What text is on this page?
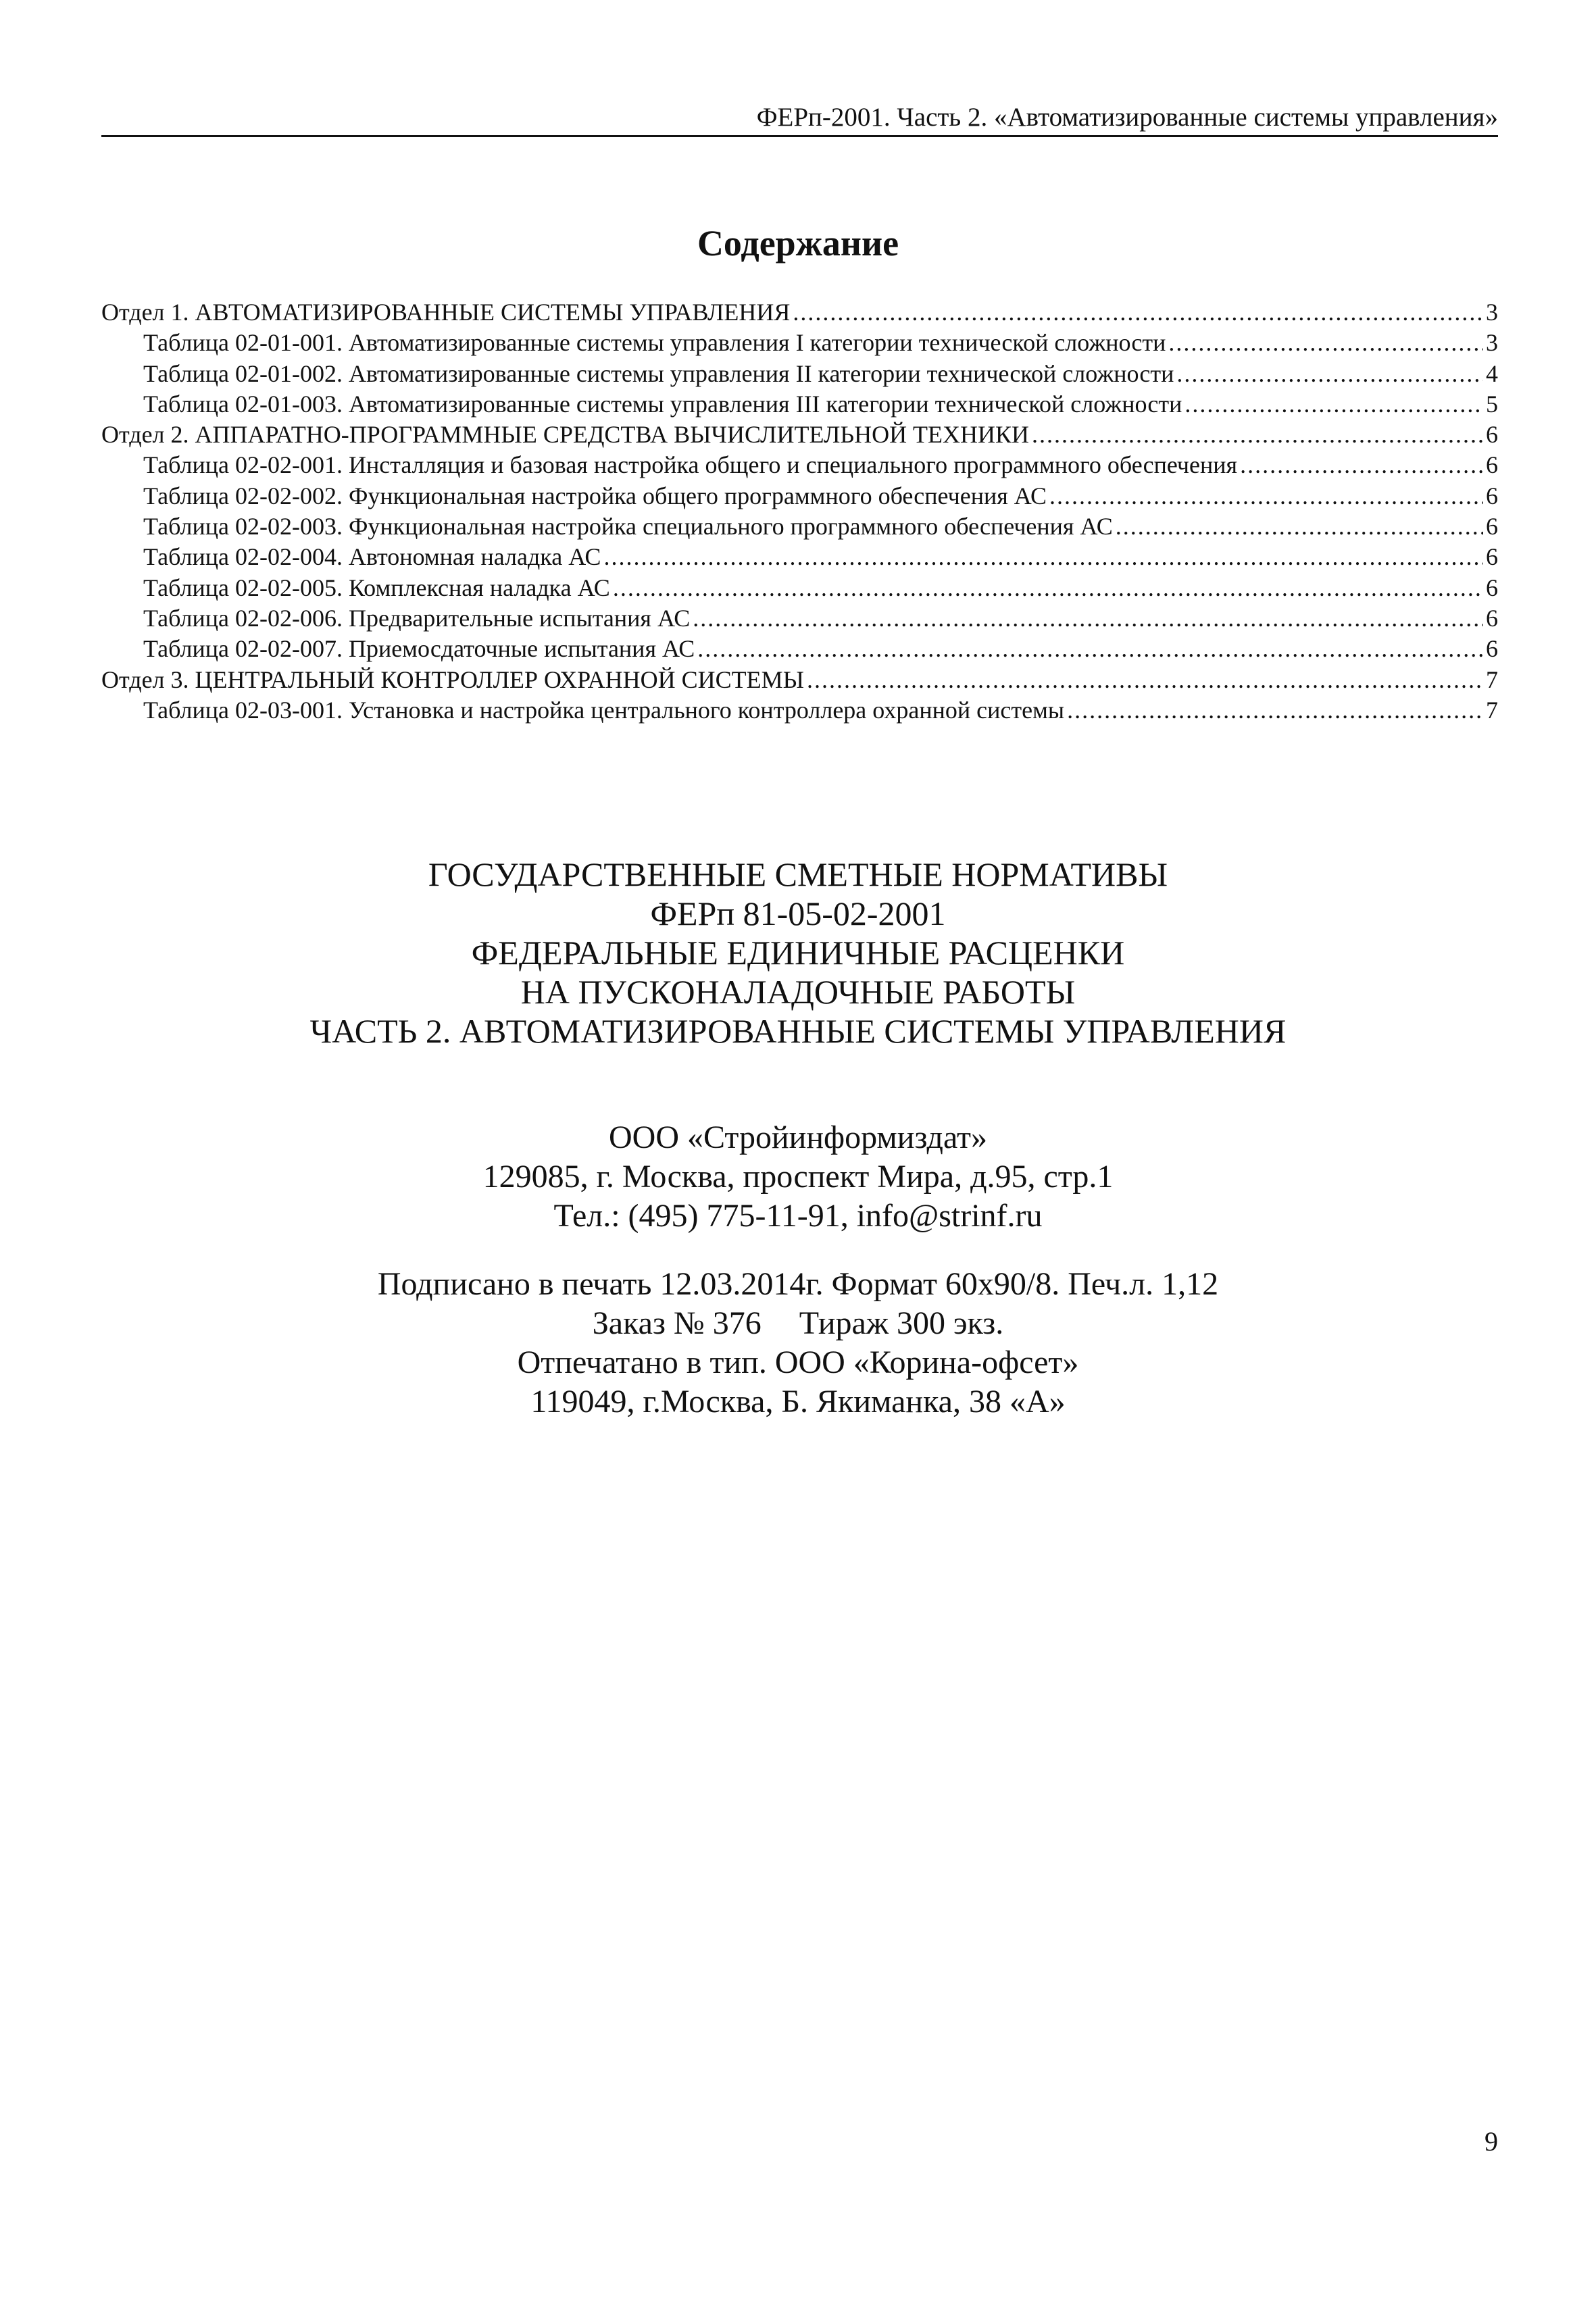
ФЕРп-2001. Часть 2. «Автоматизированные системы управления»
Содержание
Отдел 1. АВТОМАТИЗИРОВАННЫЕ СИСТЕМЫ УПРАВЛЕНИЯ .....	3
Таблица 02-01-001. Автоматизированные системы управления I категории технической сложности .....	3
Таблица 02-01-002. Автоматизированные системы управления II категории технической сложности .....	4
Таблица 02-01-003. Автоматизированные системы управления III категории технической сложности .....	5
Отдел 2. АППАРАТНО-ПРОГРАММНЫЕ СРЕДСТВА ВЫЧИСЛИТЕЛЬНОЙ ТЕХНИКИ .....	6
Таблица 02-02-001. Инсталляция и базовая настройка общего и специального программного обеспечения .....	6
Таблица 02-02-002. Функциональная настройка общего программного обеспечения АС .....	6
Таблица 02-02-003. Функциональная настройка специального программного обеспечения АС .....	6
Таблица 02-02-004. Автономная наладка АС .....	6
Таблица 02-02-005. Комплексная наладка АС .....	6
Таблица 02-02-006. Предварительные испытания АС .....	6
Таблица 02-02-007. Приемосдаточные испытания АС .....	6
Отдел 3. ЦЕНТРАЛЬНЫЙ КОНТРОЛЛЕР ОХРАННОЙ СИСТЕМЫ .....	7
Таблица 02-03-001. Установка и настройка центрального контроллера охранной системы .....	7
ГОСУДАРСТВЕННЫЕ СМЕТНЫЕ НОРМАТИВЫ
ФЕРп 81-05-02-2001
ФЕДЕРАЛЬНЫЕ ЕДИНИЧНЫЕ РАСЦЕНКИ
НА ПУСКОНАЛАДОЧНЫЕ РАБОТЫ
ЧАСТЬ 2. АВТОМАТИЗИРОВАННЫЕ СИСТЕМЫ УПРАВЛЕНИЯ
ООО «Стройинформиздат»
129085, г. Москва, проспект Мира, д.95, стр.1
Тел.: (495) 775-11-91, info@strinf.ru
Подписано в печать 12.03.2014г. Формат 60x90/8. Печ.л. 1,12
Заказ № 376 Тираж 300 экз.
Отпечатано в тип. ООО «Корина-офсет»
119049, г.Москва, Б. Якиманка, 38 «А»
9
